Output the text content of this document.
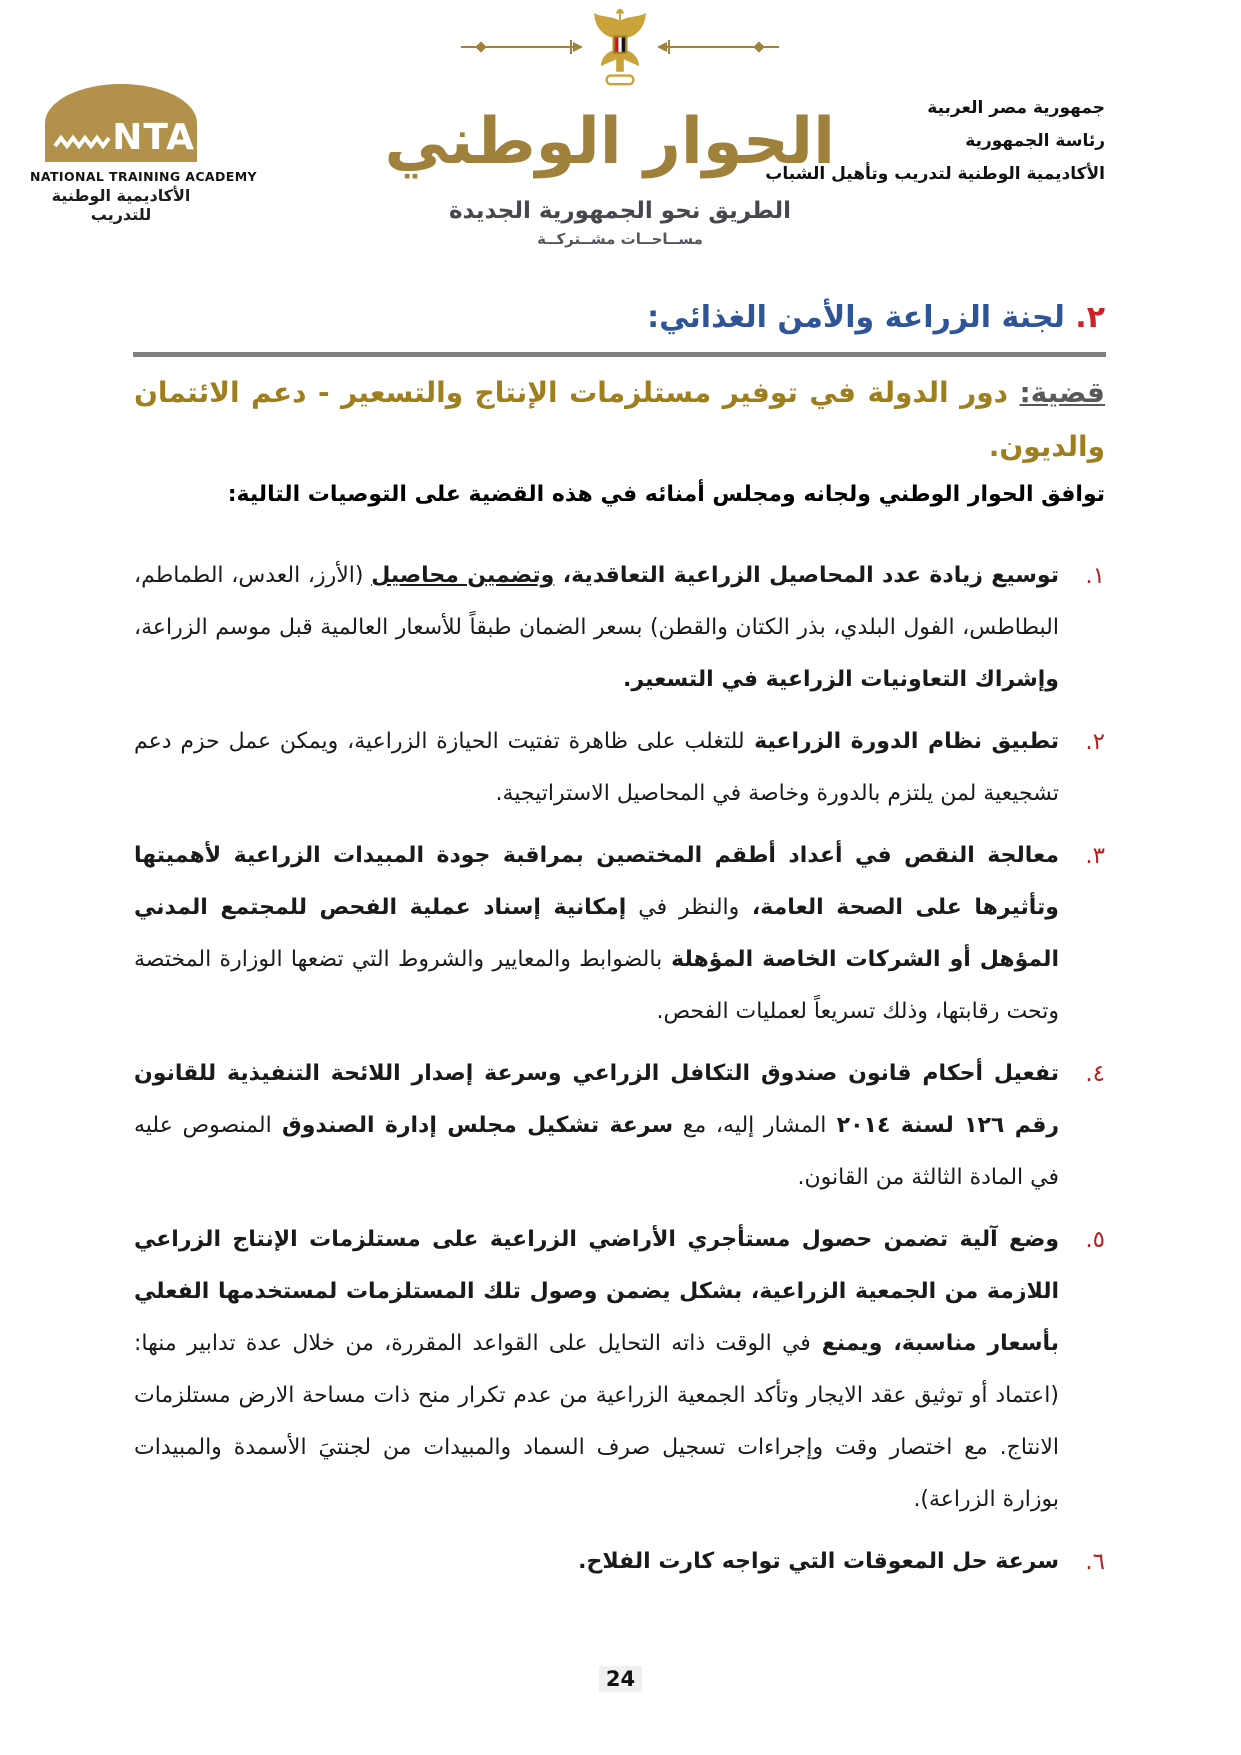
جمهورية مصر العربية
رئاسة الجمهورية
الأكاديمية الوطنية لتدريب وتأهيل الشباب
NTA
NATIONAL TRAINING ACADEMY
الأكاديمية الوطنية للتدريب
الحوار الوطني
الطريق نحو الجمهورية الجديدة
مســاحــات مشــتركــة
٢. لجنة الزراعة والأمن الغذائي:
قضية: دور الدولة في توفير مستلزمات الإنتاج والتسعير - دعم الائتمان والديون.
توافق الحوار الوطني ولجانه ومجلس أمنائه في هذه القضية على التوصيات التالية:
١.
توسيع زيادة عدد المحاصيل الزراعية التعاقدية، وتضمين محاصيل (الأرز، العدس، الطماطم، البطاطس، الفول البلدي، بذر الكتان والقطن) بسعر الضمان طبقاً للأسعار العالمية قبل موسم الزراعة، وإشراك التعاونيات الزراعية في التسعير.
٢.
تطبيق نظام الدورة الزراعية للتغلب على ظاهرة تفتيت الحيازة الزراعية، ويمكن عمل حزم دعم تشجيعية لمن يلتزم بالدورة وخاصة في المحاصيل الاستراتيجية.
٣.
معالجة النقص في أعداد أطقم المختصين بمراقبة جودة المبيدات الزراعية لأهميتها وتأثيرها على الصحة العامة، والنظر في إمكانية إسناد عملية الفحص للمجتمع المدني المؤهل أو الشركات الخاصة المؤهلة بالضوابط والمعايير والشروط التي تضعها الوزارة المختصة وتحت رقابتها، وذلك تسريعاً لعمليات الفحص.
٤.
تفعيل أحكام قانون صندوق التكافل الزراعي وسرعة إصدار اللائحة التنفيذية للقانون رقم ١٢٦ لسنة ٢٠١٤ المشار إليه، مع سرعة تشكيل مجلس إدارة الصندوق المنصوص عليه في المادة الثالثة من القانون.
٥.
وضع آلية تضمن حصول مستأجري الأراضي الزراعية على مستلزمات الإنتاج الزراعي اللازمة من الجمعية الزراعية، بشكل يضمن وصول تلك المستلزمات لمستخدمها الفعلي بأسعار مناسبة، ويمنع في الوقت ذاته التحايل على القواعد المقررة، من خلال عدة تدابير منها: (اعتماد أو توثيق عقد الايجار وتأكد الجمعية الزراعية من عدم تكرار منح ذات مساحة الارض مستلزمات الانتاج. مع اختصار وقت وإجراءات تسجيل صرف السماد والمبيدات من لجنتيَ الأسمدة والمبيدات بوزارة الزراعة).
٦.
سرعة حل المعوقات التي تواجه كارت الفلاح.
24
